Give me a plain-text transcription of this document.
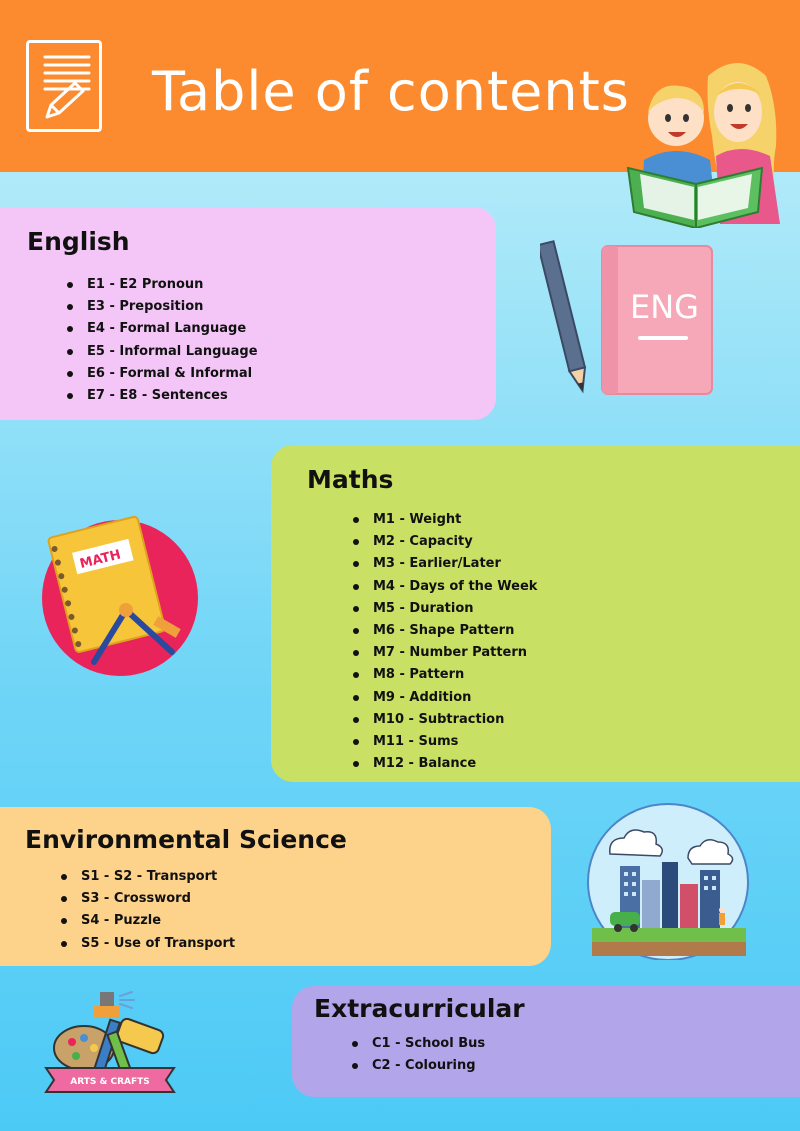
Table of contents
English
E1 - E2 Pronoun
E3 - Preposition
E4 - Formal Language
E5 - Informal Language
E6 - Formal & Informal
E7 - E8 - Sentences
ENG
Maths
M1 - Weight
M2 - Capacity
M3 - Earlier/Later
M4 - Days of the Week
M5 - Duration
M6 - Shape Pattern
M7 - Number Pattern
M8 - Pattern
M9 - Addition
M10 - Subtraction
M11 - Sums
M12 - Balance
MATH
Environmental Science
S1 - S2 - Transport
S3 - Crossword
S4 - Puzzle
S5 - Use of Transport
Extracurricular
C1 - School Bus
C2 - Colouring
ARTS & CRAFTS
